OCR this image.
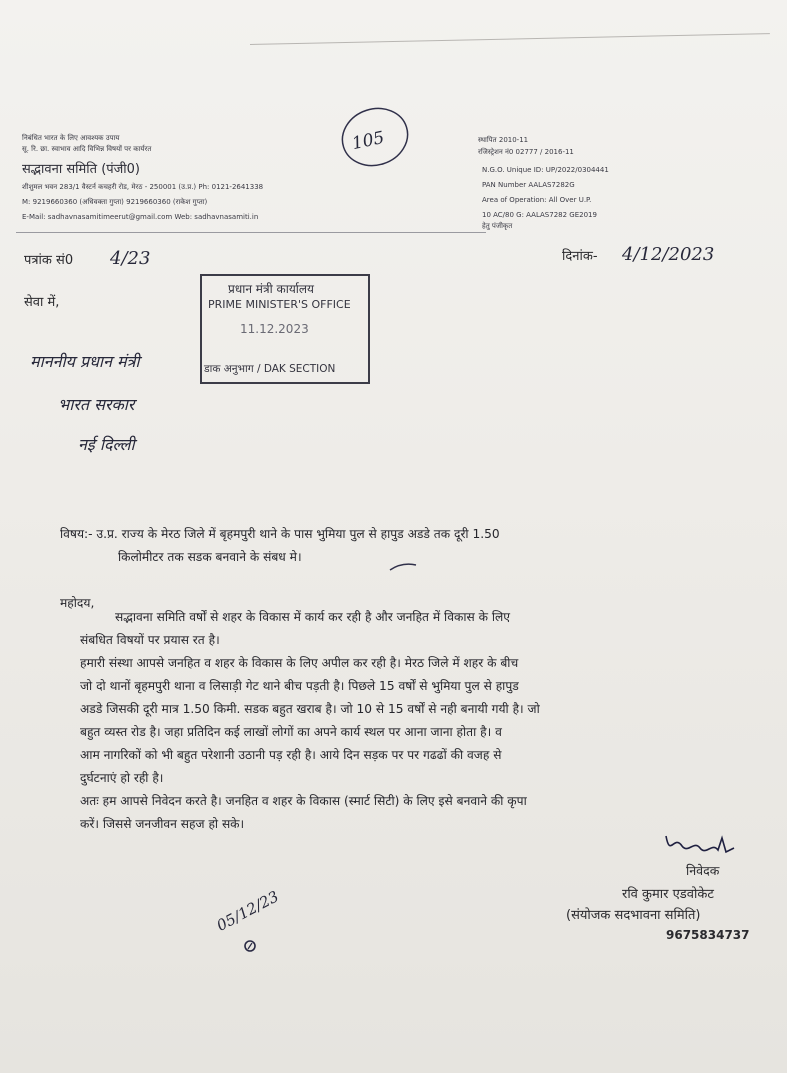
निबंधित भारत के लिए आवश्यक उपाय
सू. रि. छा. स्वाभाव आदि विभिन्न विषयों पर कार्यरत
सद्भावना समिति (पंजी0)
शीशुमल भवन 283/1 वैस्टर्न कचहरी रोड, मेरठ - 250001 (उ.प्र.) Ph: 0121-2641338
M: 9219660360 (अधिवक्ता गुप्ता) 9219660360 (राकेश गुप्ता)
E-Mail: sadhavnasamitimeerut@gmail.com Web: sadhavnasamiti.in
105	स्थापित 2010-11
रजिस्ट्रेशन नं0 02777 / 2016-11
N.G.O. Unique ID: UP/2022/0304441
PAN Number AALAS7282G
Area of Operation: All Over U.P.
10 AC/80 G: AALAS7282 GE2019
हेतु पंजीकृत
पत्रांक सं0 4/23	दिनांक- 4/12/2023
सेवा में,
प्रधान मंत्री कार्यालय
PRIME MINISTER'S OFFICE
11.12.2023
डाक अनुभाग / DAK SECTION
माननीय प्रधान मंत्री
भारत सरकार
नई दिल्ली
विषय:- उ.प्र. राज्य के मेरठ जिले में बृहमपुरी थाने के पास भुमिया पुल से हापुड अडडे तक दूरी 1.50
किलोमीटर तक सडक बनवाने के संबध मे।
महोदय,
सद्भावना समिति वर्षों से शहर के विकास में कार्य कर रही है और जनहित में विकास के लिए
संबधित विषयों पर प्रयास रत है।
हमारी संस्था आपसे जनहित व शहर के विकास के लिए अपील कर रही है। मेरठ जिले में शहर के बीच
जो दो थानों बृहमपुरी थाना व लिसाड़ी गेट थाने बीच पड़ती है। पिछले 15 वर्षों से भुमिया पुल से हापुड
अडडे जिसकी दूरी मात्र 1.50 किमी. सडक बहुत खराब है। जो 10 से 15 वर्षों से नही बनायी गयी है। जो
बहुत व्यस्त रोड है। जहा प्रतिदिन कई लाखों लोगों का अपने कार्य स्थल पर आना जाना होता है। व
आम नागरिकों को भी बहुत परेशानी उठानी पड़ रही है। आये दिन सड़क पर पर गढढों की वजह से
दुर्घटनाएं हो रही है।
अतः हम आपसे निवेदन करते है। जनहित व शहर के विकास (स्मार्ट सिटी) के लिए इसे बनवाने की कृपा
करें। जिससे जनजीवन सहज हो सके।
निवेदक
रवि कुमार एडवोकेट
(संयोजक सदभावना समिति)
9675834737
05/12/23
